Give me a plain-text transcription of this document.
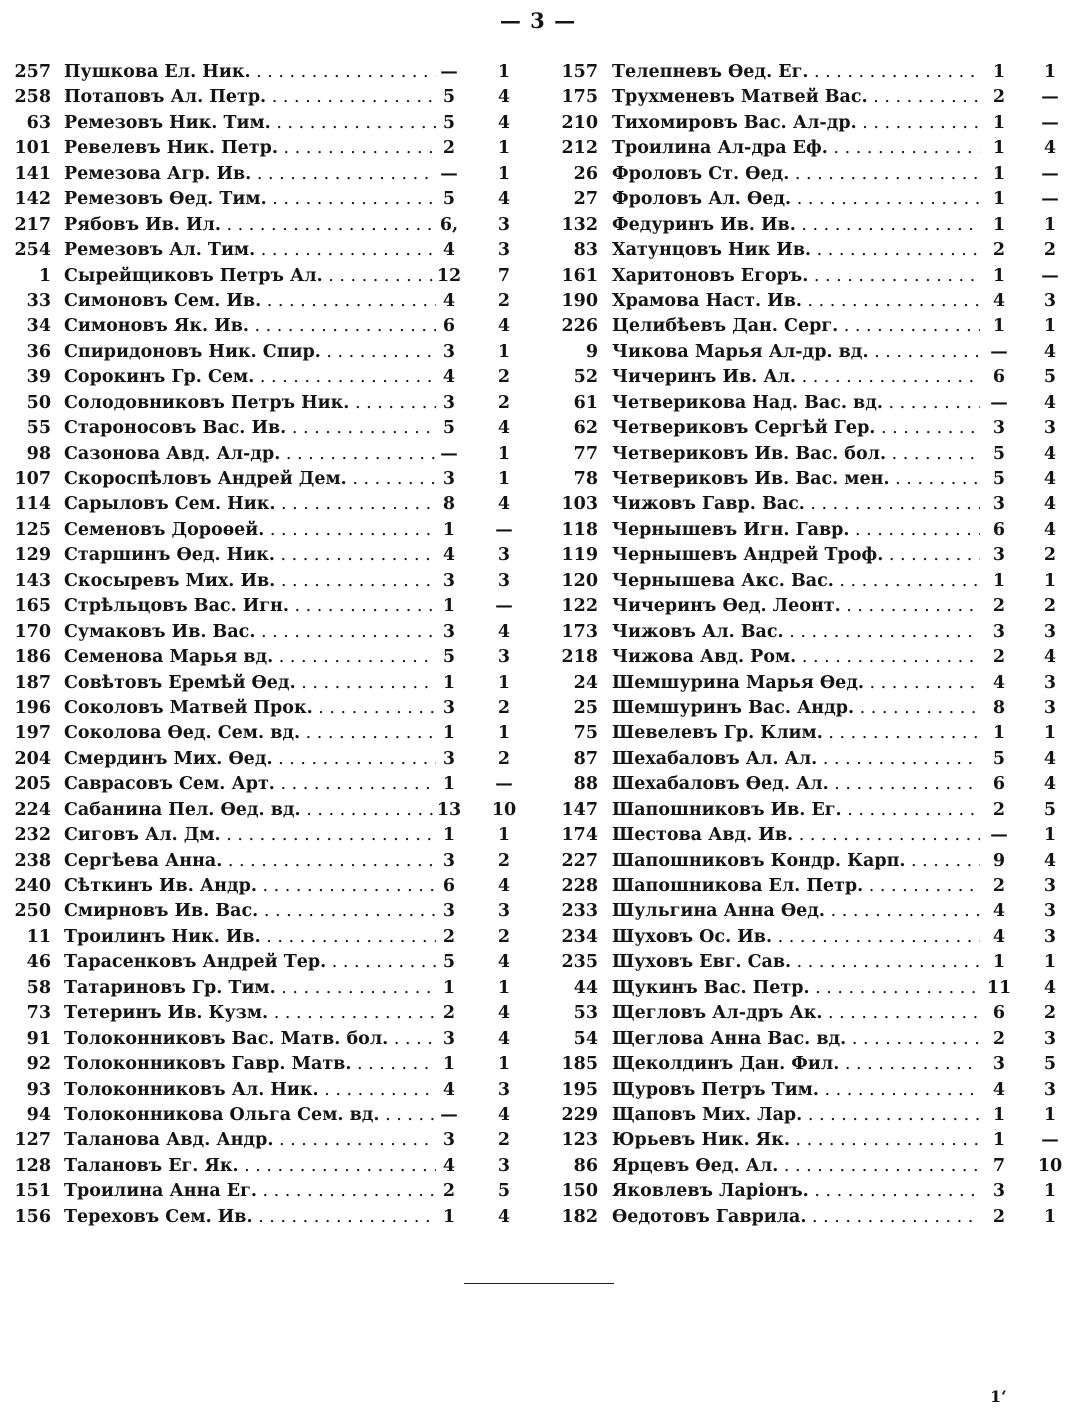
— 3 —
257 Пушкова Ел. Ник. . . .	—	1
258 Потаповъ Ал. Петр. . . .	5	4
63 Ремезовъ Ник. Тим. . . .	5	4
101 Ревелевъ Ник. Петр. . . .	2	1
141 Ремезова Агр. Ив. . . .	—	1
142 Ремезовъ Ѳед. Тим. . . .	5	4
217 Рябовъ Ив. Ил. . . .	6,	3
254 Ремезовъ Ал. Тим. . . .	4	3
1 Сырейщиковъ Петръ Ал. . . .	12	7
33 Симоновъ Сем. Ив. . . .	4	2
34 Симоновъ Як. Ив. . . .	6	4
36 Спиридоновъ Ник. Спир. . . .	3	1
39 Сорокинъ Гр. Сем. . . .	4	2
50 Солодовниковъ Петръ Ник. . . .	3	2
55 Староносовъ Вас. Ив. . . .	5	4
98 Сазонова Авд. Ал-др. . . .	—	1
107 Скороспѣловъ Андрей Дем. . . .	3	1
114 Сарыловъ Сем. Ник. . . .	8	4
125 Семеновъ Дороѳей. . . .	1	—
129 Старшинъ Ѳед. Ник. . . .	4	3
143 Скосыревъ Мих. Ив. . . .	3	3
165 Стрѣльцовъ Вас. Игн. . . .	1	—
170 Сумаковъ Ив. Вас. . . .	3	4
186 Семенова Марья вд. . . .	5	3
187 Совѣтовъ Еремѣй Ѳед. . . .	1	1
196 Соколовъ Матвей Прок. . . .	3	2
197 Соколова Ѳед. Сем. вд. . . .	1	1
204 Смердинъ Мих. Ѳед. . . .	3	2
205 Саврасовъ Сем. Арт. . . .	1	—
224 Сабанина Пел. Ѳед. вд. . . .	13	10
232 Сиговъ Ал. Дм. . . .	1	1
238 Сергѣева Анна. . . .	3	2
240 Сѣткинъ Ив. Андр. . . .	6	4
250 Смирновъ Ив. Вас. . . .	3	3
11 Троилинъ Ник. Ив. . . .	2	2
46 Тарасенковъ Андрей Тер. . . .	5	4
58 Татариновъ Гр. Тим. . . .	1	1
73 Тетеринъ Ив. Кузм. . . .	2	4
91 Толоконниковъ Вас. Матв. бол. . . .	3	4
92 Толоконниковъ Гавр. Матв. . . .	1	1
93 Толоконниковъ Ал. Ник. . . .	4	3
94 Толоконникова Ольга Сем. вд. . . .	—	4
127 Таланова Авд. Андр. . . .	3	2
128 Талановъ Ег. Як. . . .	4	3
151 Троилина Анна Ег. . . .	2	5
156 Тереховъ Сем. Ив. . . .	1	4
157 Телепневъ Ѳед. Ег. . . .	1	1
175 Трухменевъ Матвей Вас. . . .	2	—
210 Тихомировъ Вас. Ал-др. . . .	1	—
212 Троилина Ал-дра Еф. . . .	1	4
26 Фроловъ Ст. Ѳед. . . .	1	—
27 Фроловъ Ал. Ѳед. . . .	1	—
132 Федуринъ Ив. Ив. . . .	1	1
83 Хатунцовъ Ник Ив. . . .	2	2
161 Харитоновъ Егоръ. . . .	1	—
190 Храмова Наст. Ив. . . .	4	3
226 Целибѣевъ Дан. Серг. . . .	1	1
9 Чикова Марья Ал-др. вд. . . .	—	4
52 Чичеринъ Ив. Ал. . . .	6	5
61 Четверикова Над. Вас. вд. . . .	—	4
62 Четвериковъ Сергѣй Гер. . . .	3	3
77 Четвериковъ Ив. Вас. бол. . . .	5	4
78 Четвериковъ Ив. Вас. мен. . . .	5	4
103 Чижовъ Гавр. Вас. . . .	3	4
118 Чернышевъ Игн. Гавр. . . .	6	4
119 Чернышевъ Андрей Троф. . . .	3	2
120 Чернышева Акс. Вас. . . .	1	1
122 Чичеринъ Ѳед. Леонт. . . .	2	2
173 Чижовъ Ал. Вас. . . .	3	3
218 Чижова Авд. Ром. . . .	2	4
24 Шемшурина Марья Ѳед. . . .	4	3
25 Шемшуринъ Вас. Андр. . . .	8	3
75 Шевелевъ Гр. Клим. . . .	1	1
87 Шехабаловъ Ал. Ал. . . .	5	4
88 Шехабаловъ Ѳед. Ал. . . .	6	4
147 Шапошниковъ Ив. Ег. . . .	2	5
174 Шестова Авд. Ив. . . .	—	1
227 Шапошниковъ Кондр. Карп. . . .	9	4
228 Шапошникова Ел. Петр. . . .	2	3
233 Шульгина Анна Ѳед. . . .	4	3
234 Шуховъ Ос. Ив. . . .	4	3
235 Шуховъ Евг. Сав. . . .	1	1
44 Щукинъ Вас. Петр. . . .	11	4
53 Щегловъ Ал-дръ Ак. . . .	6	2
54 Щеглова Анна Вас. вд. . . .	2	3
185 Щеколдинъ Дан. Фил. . . .	3	5
195 Щуровъ Петръ Тим. . . .	4	3
229 Щаповъ Мих. Лар. . . .	1	1
123 Юрьевъ Ник. Як. . . .	1	—
86 Ярцевъ Ѳед. Ал. . . .	7	10
150 Яковлевъ Ларіонъ. . . .	3	1
182 Ѳедотовъ Гаврила. . . .	2	1
1ʻ
